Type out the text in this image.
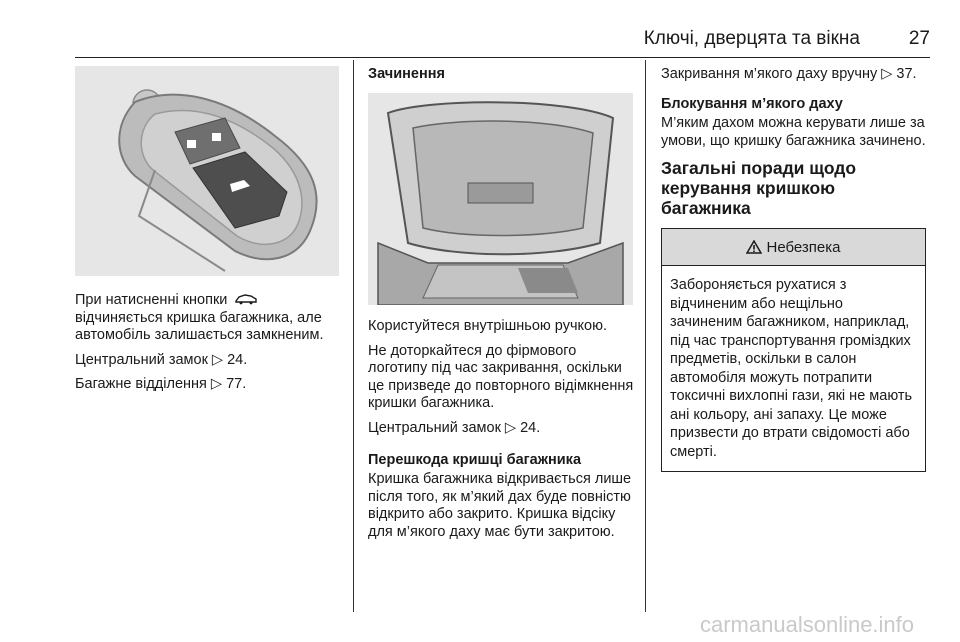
Ключі, дверцята та вікна	27

При натисненні кнопки  відчиняється кришка багажника, але автомобіль залишається замкненим.

Центральний замок ▷ 24.

Багажне відділення ▷ 77.

Зачинення

Користуйтеся внутрішньою ручкою.

Не доторкайтеся до фірмового логотипу під час закривання, оскільки це призведе до повторного відімкнення кришки багажника.

Центральний замок ▷ 24.

Перешкода кришці багажника

Кришка багажника відкривається лише після того, як м’який дах буде повністю відкрито або закрито. Кришка відсіку для м’якого даху має бути закритою.

Закривання м’якого даху вручну ▷ 37.

Блокування м’якого даху

М’яким дахом можна керувати лише за умови, що кришку багажника зачинено.

Загальні поради щодо керування кришкою багажника

Небезпека
Забороняється рухатися з відчиненим або нещільно зачиненим багажником, наприклад, під час транспортування громіздких предметів, оскільки в салон автомобіля можуть потрапити токсичні вихлопні гази, які не мають ані кольору, ані запаху. Це може призвести до втрати свідомості або смерті.
carmanualsonline.info
